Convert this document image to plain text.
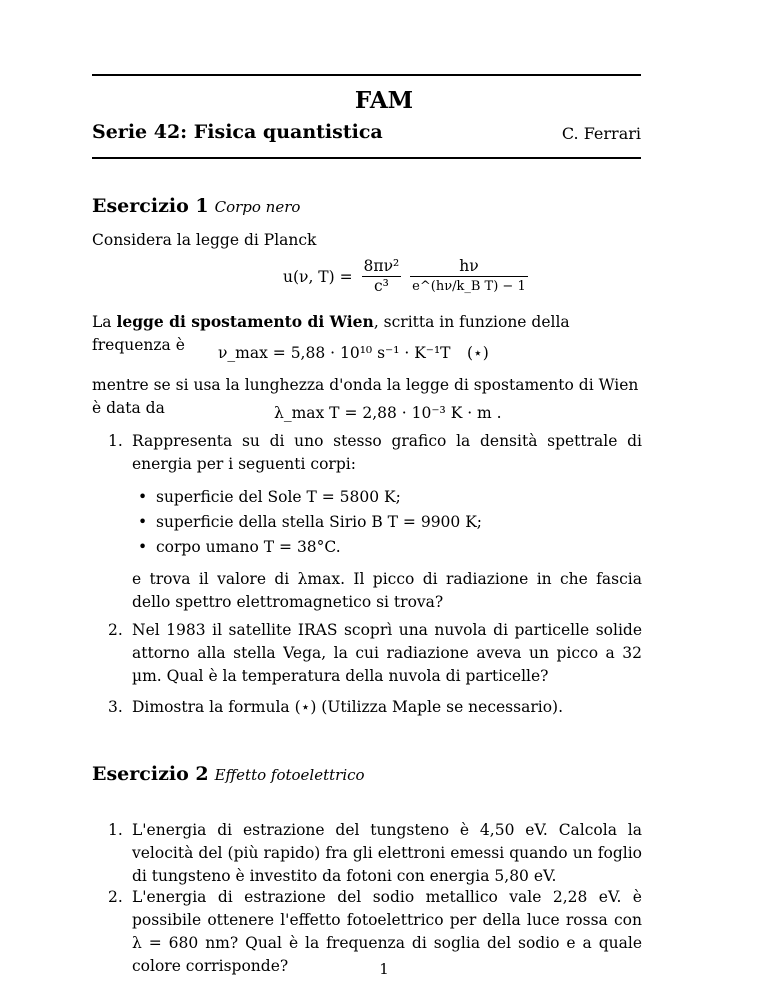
FAM
Serie 42: Fisica quantistica	C. Ferrari
Esercizio 1 Corpo nero
Considera la legge di Planck
u(ν, $T) = \frac{\text{8πν²}}{\text{c³}}$
$\frac{h\nu}{\text{e\textasciicircum{}(hν/k\_B T) − 1}}$
La legge di spostamento di Wien, scritta in funzione della frequenza è	ν_max = 5,88 · 10¹⁰ s⁻¹ · K⁻¹T (⋆)
mentre se si usa la lunghezza d'onda la legge di spostamento di Wien è data da	λ_max T = 2,88 · 10⁻³ K · m .
1. Rappresenta su di uno stesso grafico la densità spettrale di energia per i seguenti corpi:
• superficie del Sole T = 5800 K;
• superficie della stella Sirio B T = 9900 K;
• corpo umano T = 38°C.
e trova il valore di λmax. Il picco di radiazione in che fascia dello spettro elettromagnetico si trova?
2. Nel 1983 il satellite IRAS scoprì una nuvola di particelle solide attorno alla stella Vega, la cui radiazione aveva un picco a 32 µm. Qual è la temperatura della nuvola di particelle?
3. Dimostra la formula (⋆) (Utilizza Maple se necessario).
Esercizio 2 Effetto fotoelettrico
1. L'energia di estrazione del tungsteno è 4,50 eV. Calcola la velocità del (più rapido) fra gli elettroni emessi quando un foglio di tungsteno è investito da fotoni con energia 5,80 eV.
2. L'energia di estrazione del sodio metallico vale 2,28 eV. è possibile ottenere l'effetto fotoelettrico per della luce rossa con λ = 680 nm? Qual è la frequenza di soglia del sodio e a quale colore corrisponde?	1
